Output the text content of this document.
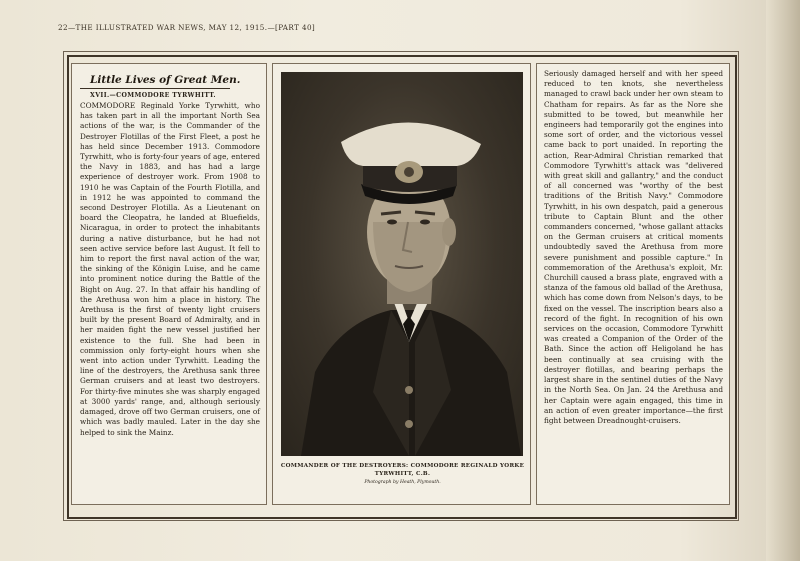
22—THE ILLUSTRATED WAR NEWS, MAY 12, 1915.—[PART 40]
Little Lives of Great Men.
XVII.—COMMODORE TYRWHITT.

COMMODORE Reginald Yorke Tyrwhitt, who has taken part in all the important North Sea actions of the war, is the Commander of the Destroyer Flotillas of the First Fleet, a post he has held since December 1913. Commodore Tyrwhitt, who is forty-four years of age, entered the Navy in 1883, and has had a large experience of destroyer work. From 1908 to 1910 he was Captain of the Fourth Flotilla, and in 1912 he was appointed to command the second Destroyer Flotilla. As a Lieutenant on board the Cleopatra, he landed at Bluefields, Nicaragua, in order to protect the inhabitants during a native disturbance, but he had not seen active service before last August. It fell to him to report the first naval action of the war, the sinking of the Königin Luise, and he came into prominent notice during the Battle of the Bight on Aug. 27. In that affair his handling of the Arethusa won him a place in history. The Arethusa is the first of twenty light cruisers built by the present Board of Admiralty, and in her maiden fight the new vessel justified her existence to the full. She had been in commission only forty-eight hours when she went into action under Tyrwhitt. Leading the line of the destroyers, the Arethusa sank three German cruisers and at least two destroyers. For thirty-five minutes she was sharply engaged at 3000 yards' range, and, although seriously damaged, drove off two German cruisers, one of which was badly mauled. Later in the day she helped to sink the Mainz.

COMMANDER OF THE DESTROYERS: COMMODORE REGINALD YORKE TYRWHITT, C.B.
Photograph by Heath, Plymouth.

Seriously damaged herself and with her speed reduced to ten knots, she nevertheless managed to crawl back under her own steam to Chatham for repairs. As far as the Nore she submitted to be towed, but meanwhile her engineers had temporarily got the engines into some sort of order, and the victorious vessel came back to port unaided. In reporting the action, Rear-Admiral Christian remarked that Commodore Tyrwhitt's attack was "delivered with great skill and gallantry," and the conduct of all concerned was "worthy of the best traditions of the British Navy." Commodore Tyrwhitt, in his own despatch, paid a generous tribute to Captain Blunt and the other commanders concerned, "whose gallant attacks on the German cruisers at critical moments undoubtedly saved the Arethusa from more severe punishment and possible capture." In commemoration of the Arethusa's exploit, Mr. Churchill caused a brass plate, engraved with a stanza of the famous old ballad of the Arethusa, which has come down from Nelson's days, to be fixed on the vessel. The inscription bears also a record of the fight. In recognition of his own services on the occasion, Commodore Tyrwhitt was created a Companion of the Order of the Bath. Since the action off Heligoland he has been continually at sea cruising with the destroyer flotillas, and bearing perhaps the largest share in the sentinel duties of the Navy in the North Sea. On Jan. 24 the Arethusa and her Captain were again engaged, this time in an action of even greater importance—the first fight between Dreadnought-cruisers.
